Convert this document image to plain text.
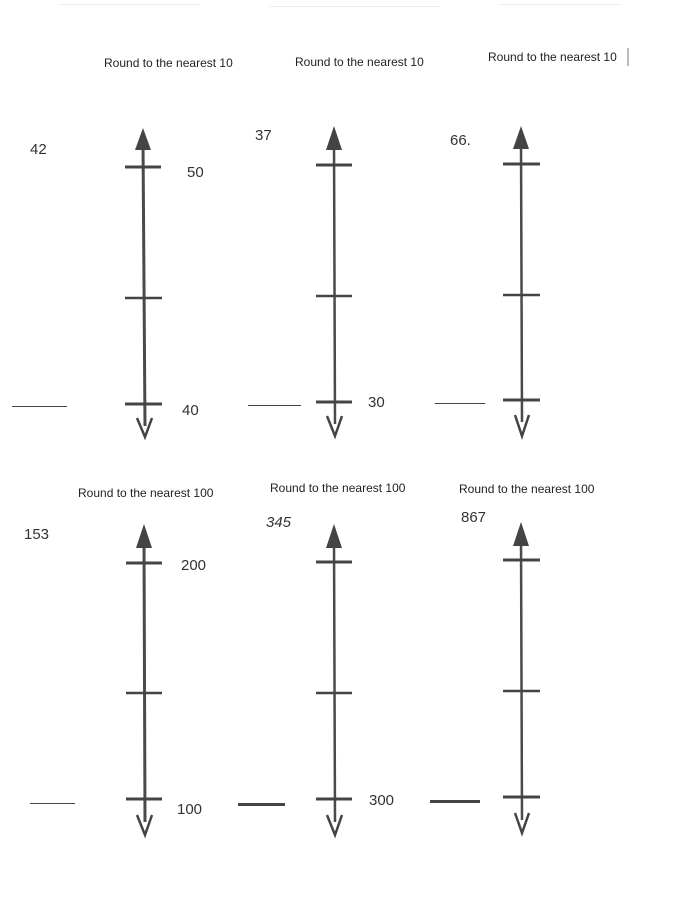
Round to the nearest 10	Round to the nearest 10	Round to the nearest 10
42
37	66.
50
40	30
Round to the nearest 100	Round to the nearest 100	Round to the nearest 100
153
345	867
200
100
300
